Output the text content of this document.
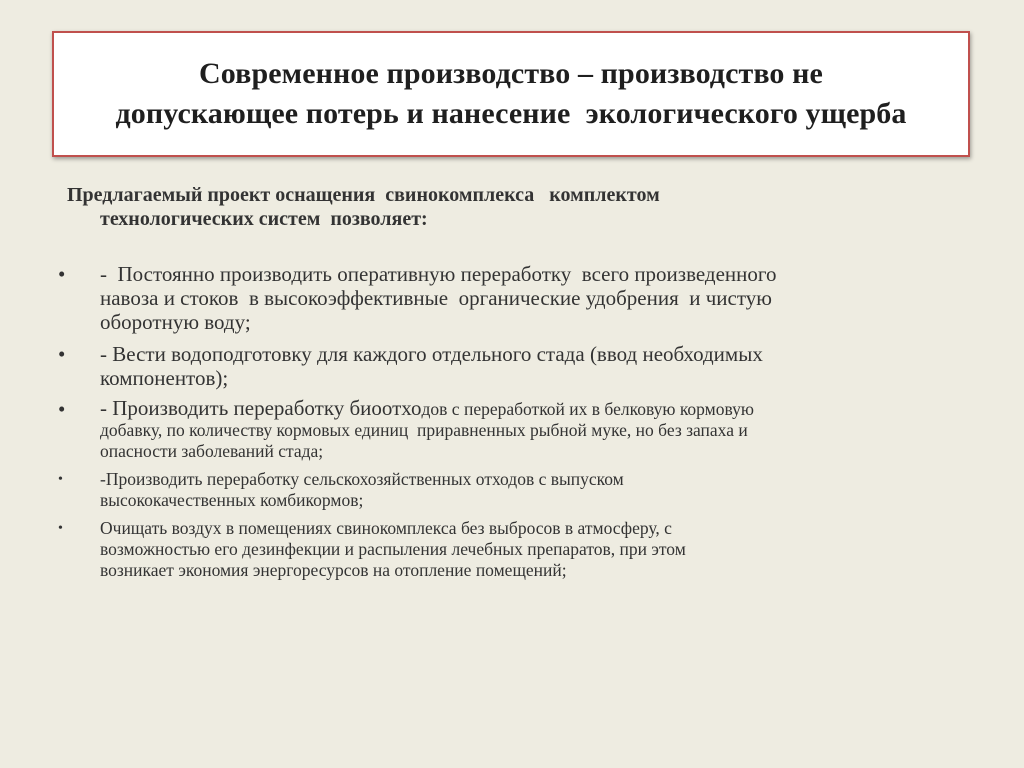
Современное производство – производство не
допускающее потерь и нанесение  экологического ущерба
Предлагаемый проект оснащения  свинокомплекса   комплектом
технологических систем  позволяет:
•	-  Постоянно производить оперативную переработку  всего произведенного
навоза и стоков  в высокоэффективные  органические удобрения  и чистую
оборотную воду;
•	- Вести водоподготовку для каждого отдельного стада (ввод необходимых
компонентов);
•	- Производить переработку биоотходов с переработкой их в белковую кормовую
добавку, по количеству кормовых единиц  приравненных рыбной муке, но без запаха и
опасности заболеваний стада;
•	-Производить переработку сельскохозяйственных отходов с выпуском
высококачественных комбикормов;
•	Очищать воздух в помещениях свинокомплекса без выбросов в атмосферу, с
возможностью его дезинфекции и распыления лечебных препаратов, при этом
возникает экономия энергоресурсов на отопление помещений;
